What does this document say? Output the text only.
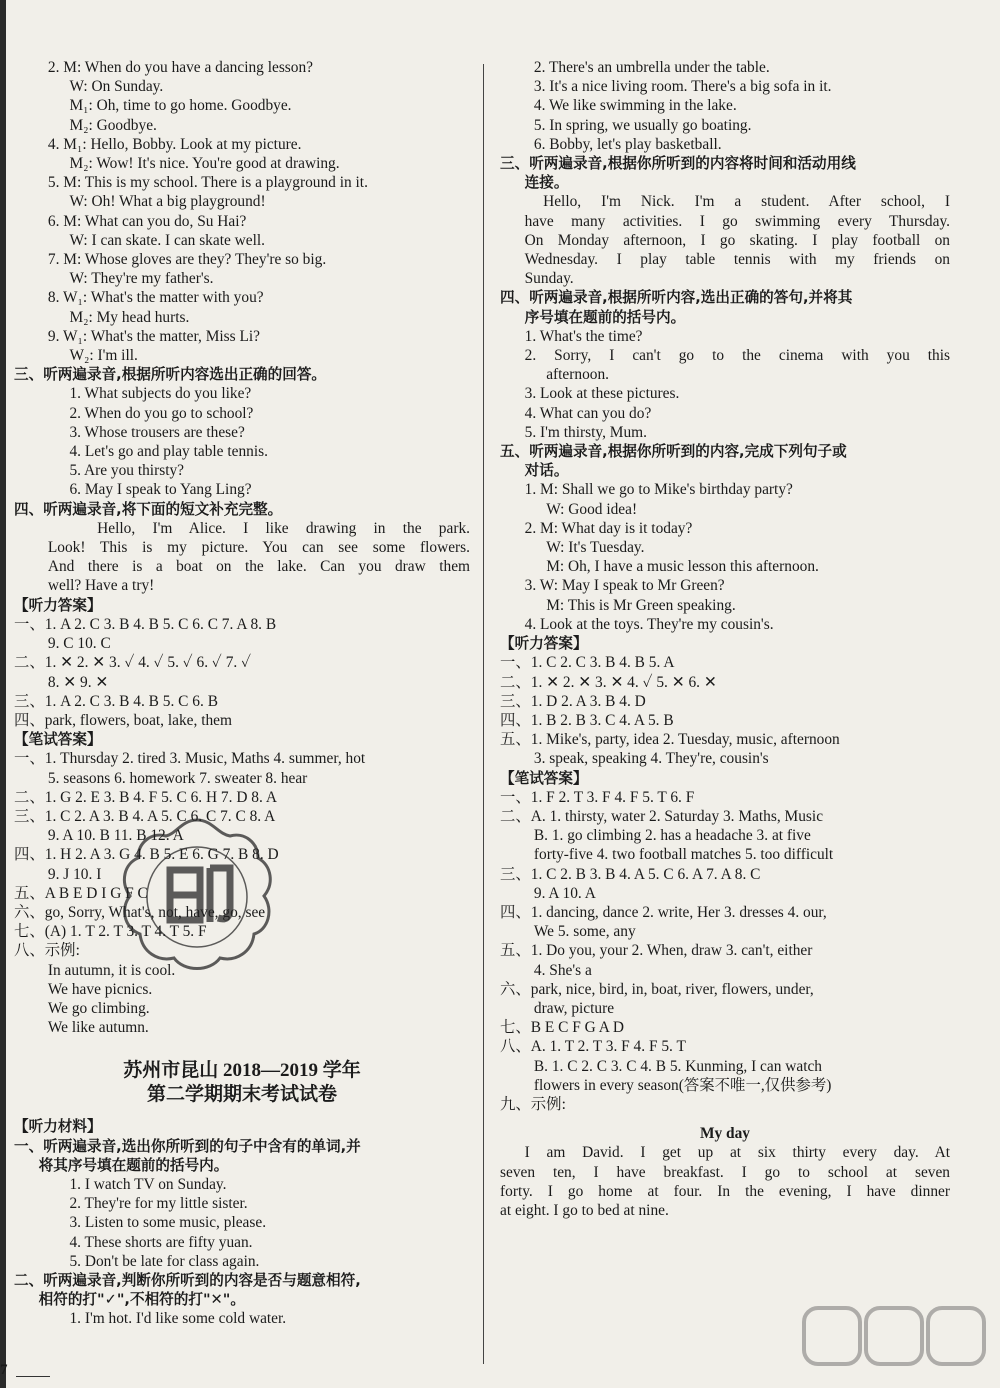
2. M: When do you have a dancing lesson?
W: On Sunday.
M₁: Oh, time to go home. Goodbye.
M₂: Goodbye.
4. M₁: Hello, Bobby. Look at my picture.
M₂: Wow! It's nice. You're good at drawing.
5. M: This is my school. There is a playground in it.
W: Oh! What a big playground!
6. M: What can you do, Su Hai?
W: I can skate. I can skate well.
7. M: Whose gloves are they? They're so big.
W: They're my father's.
8. W₁: What's the matter with you?
M₂: My head hurts.
9. W₁: What's the matter, Miss Li?
W₂: I'm ill.
三、听两遍录音,根据所听内容选出正确的回答。
1. What subjects do you like?
2. When do you go to school?
3. Whose trousers are these?
4. Let's go and play table tennis.
5. Are you thirsty?
6. May I speak to Yang Ling?
四、听两遍录音,将下面的短文补充完整。
Hello, I'm Alice. I like drawing in the park.
Look! This is my picture. You can see some flowers.
And there is a boat on the lake. Can you draw them
well? Have a try!
【听力答案】
一、1. A 2. C 3. B 4. B 5. C 6. C 7. A 8. B
9. C 10. C
二、1. ✕ 2. ✕ 3. ✓ 4. ✓ 5. ✓ 6. ✓ 7. ✓
8. ✕ 9. ✕
三、1. A 2. C 3. B 4. B 5. C 6. B
四、park, flowers, boat, lake, them
【笔试答案】
一、1. Thursday 2. tired 3. Music, Maths 4. summer, hot
5. seasons 6. homework 7. sweater 8. hear
二、1. G 2. E 3. B 4. F 5. C 6. H 7. D 8. A
三、1. C 2. A 3. B 4. A 5. C 6. C 7. C 8. A
9. A 10. B 11. B 12. A
四、1. H 2. A 3. G 4. B 5. E 6. G 7. B 8. D
9. J 10. I
五、A B E D I G F C
六、go, Sorry, What's, not, have, go, see
七、(A) 1. T 2. T 3. T 4. T 5. F
八、示例:
In autumn, it is cool.
We have picnics.
We go climbing.
We like autumn.
苏州市昆山 2018—2019 学年
第二学期期末考试试卷
【听力材料】
一、听两遍录音,选出你所听到的句子中含有的单词,并
将其序号填在题前的括号内。
1. I watch TV on Sunday.
2. They're for my little sister.
3. Listen to some music, please.
4. These shorts are fifty yuan.
5. Don't be late for class again.
二、听两遍录音,判断你所听到的内容是否与题意相符,
相符的打"✓",不相符的打"✕"。
1. I'm hot. I'd like some cold water.
2. There's an umbrella under the table.
3. It's a nice living room. There's a big sofa in it.
4. We like swimming in the lake.
5. In spring, we usually go boating.
6. Bobby, let's play basketball.
三、听两遍录音,根据你所听到的内容将时间和活动用线
连接。
Hello, I'm Nick. I'm a student. After school, I
have many activities. I go swimming every Thursday.
On Monday afternoon, I go skating. I play football on
Wednesday. I play table tennis with my friends on
Sunday.
四、听两遍录音,根据所听内容,选出正确的答句,并将其
序号填在题前的括号内。
1. What's the time?
2. Sorry, I can't go to the cinema with you this
afternoon.
3. Look at these pictures.
4. What can you do?
5. I'm thirsty, Mum.
五、听两遍录音,根据你所听到的内容,完成下列句子或
对话。
1. M: Shall we go to Mike's birthday party?
W: Good idea!
2. M: What day is it today?
W: It's Tuesday.
M: Oh, I have a music lesson this afternoon.
3. W: May I speak to Mr Green?
M: This is Mr Green speaking.
4. Look at the toys. They're my cousin's.
【听力答案】
一、1. C 2. C 3. B 4. B 5. A
二、1. ✕ 2. ✕ 3. ✕ 4. ✓ 5. ✕ 6. ✕
三、1. D 2. A 3. B 4. D
四、1. B 2. B 3. C 4. A 5. B
五、1. Mike's, party, idea 2. Tuesday, music, afternoon
3. speak, speaking 4. They're, cousin's
【笔试答案】
一、1. F 2. T 3. F 4. F 5. T 6. F
二、A. 1. thirsty, water 2. Saturday 3. Maths, Music
B. 1. go climbing 2. has a headache 3. at five
forty-five 4. two football matches 5. too difficult
三、1. C 2. B 3. B 4. A 5. C 6. A 7. A 8. C
9. A 10. A
四、1. dancing, dance 2. write, Her 3. dresses 4. our,
We 5. some, any
五、1. Do you, your 2. When, draw 3. can't, either
4. She's a
六、park, nice, bird, in, boat, river, flowers, under,
draw, picture
七、B E C F G A D
八、A. 1. T 2. T 3. F 4. F 5. T
B. 1. C 2. C 3. C 4. B 5. Kunming, I can watch
flowers in every season(答案不唯一,仅供参考)
九、示例:
My day
I am David. I get up at six thirty every day. At
seven ten, I have breakfast. I go to school at seven
forty. I go home at four. In the evening, I have dinner
at eight. I go to bed at nine.
7
